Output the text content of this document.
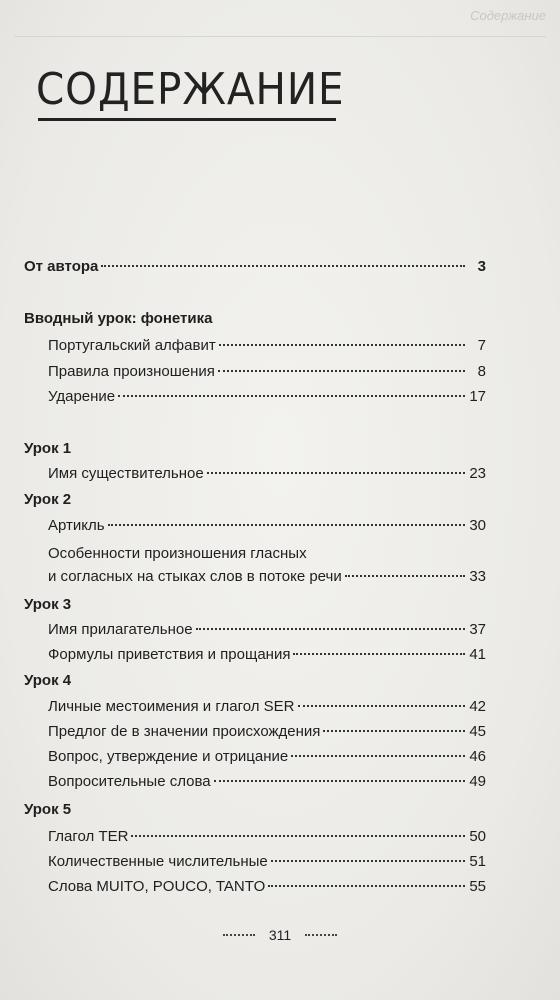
Содержание
СОДЕРЖАНИЕ
От автора	3
Вводный урок: фонетика
Португальский алфавит	7
Правила произношения	8
Ударение	17
Урок 1
Имя существительное	23
Урок 2
Артикль	30
Особенности произношения гласных
и согласных на стыках слов в потоке речи	33
Урок 3
Имя прилагательное	37
Формулы приветствия и прощания	41
Урок 4
Личные местоимения и глагол SER	42
Предлог de в значении происхождения	45
Вопрос, утверждение и отрицание	46
Вопросительные слова	49
Урок 5
Глагол TER	50
Количественные числительные	51
Слова MUITO, POUCO, TANTO	55
311
